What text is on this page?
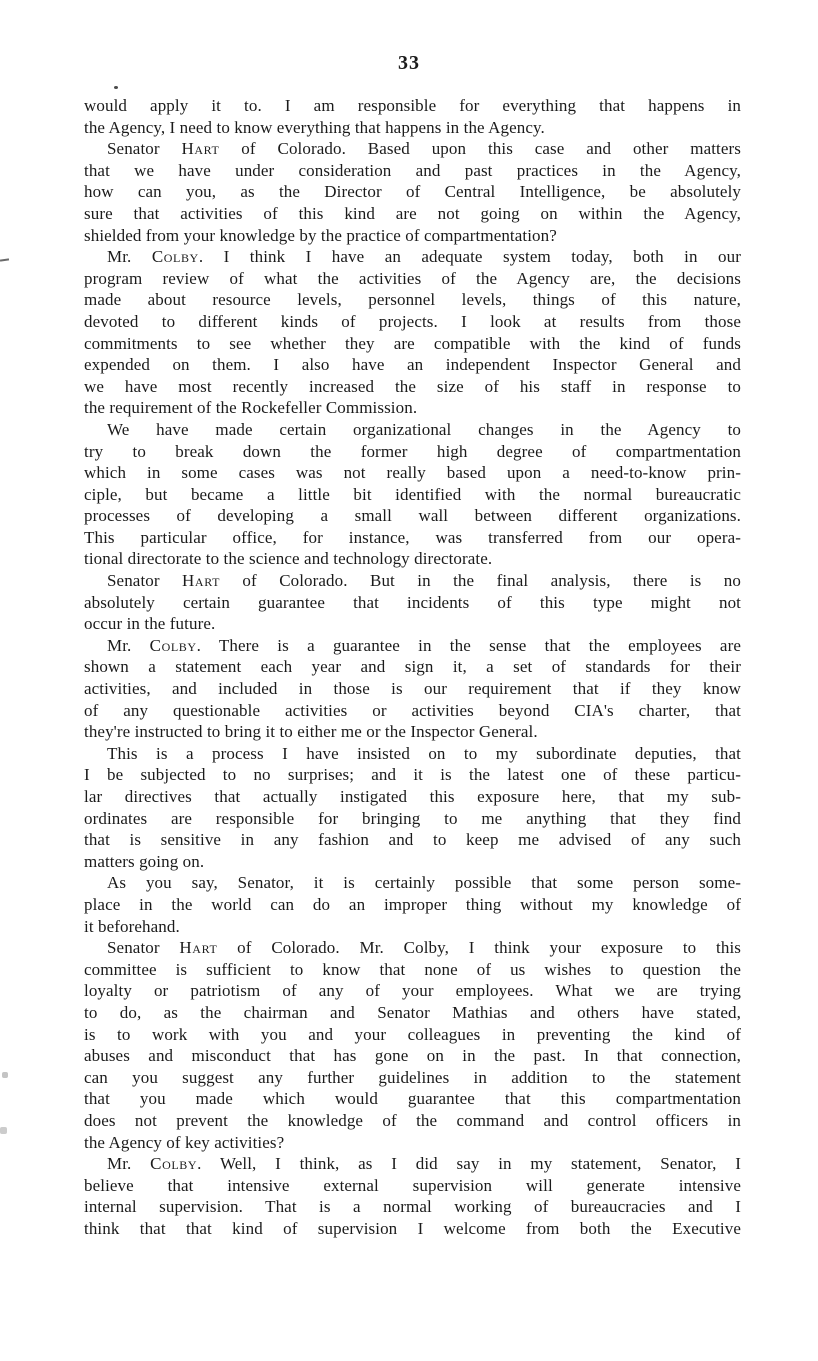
33
would apply it to. I am responsible for everything that happens in
the Agency, I need to know everything that happens in the Agency.
Senator Hart of Colorado. Based upon this case and other matters
that we have under consideration and past practices in the Agency,
how can you, as the Director of Central Intelligence, be absolutely
sure that activities of this kind are not going on within the Agency,
shielded from your knowledge by the practice of compartmentation?
Mr. Colby. I think I have an adequate system today, both in our
program review of what the activities of the Agency are, the decisions
made about resource levels, personnel levels, things of this nature,
devoted to different kinds of projects. I look at results from those
commitments to see whether they are compatible with the kind of funds
expended on them. I also have an independent Inspector General and
we have most recently increased the size of his staff in response to
the requirement of the Rockefeller Commission.
We have made certain organizational changes in the Agency to
try to break down the former high degree of compartmentation
which in some cases was not really based upon a need-to-know prin-
ciple, but became a little bit identified with the normal bureaucratic
processes of developing a small wall between different organizations.
This particular office, for instance, was transferred from our opera-
tional directorate to the science and technology directorate.
Senator Hart of Colorado. But in the final analysis, there is no
absolutely certain guarantee that incidents of this type might not
occur in the future.
Mr. Colby. There is a guarantee in the sense that the employees are
shown a statement each year and sign it, a set of standards for their
activities, and included in those is our requirement that if they know
of any questionable activities or activities beyond CIA's charter, that
they're instructed to bring it to either me or the Inspector General.
This is a process I have insisted on to my subordinate deputies, that
I be subjected to no surprises; and it is the latest one of these particu-
lar directives that actually instigated this exposure here, that my sub-
ordinates are responsible for bringing to me anything that they find
that is sensitive in any fashion and to keep me advised of any such
matters going on.
As you say, Senator, it is certainly possible that some person some-
place in the world can do an improper thing without my knowledge of
it beforehand.
Senator Hart of Colorado. Mr. Colby, I think your exposure to this
committee is sufficient to know that none of us wishes to question the
loyalty or patriotism of any of your employees. What we are trying
to do, as the chairman and Senator Mathias and others have stated,
is to work with you and your colleagues in preventing the kind of
abuses and misconduct that has gone on in the past. In that connection,
can you suggest any further guidelines in addition to the statement
that you made which would guarantee that this compartmentation
does not prevent the knowledge of the command and control officers in
the Agency of key activities?
Mr. Colby. Well, I think, as I did say in my statement, Senator, I
believe that intensive external supervision will generate intensive
internal supervision. That is a normal working of bureaucracies and I
think that that kind of supervision I welcome from both the Executive
